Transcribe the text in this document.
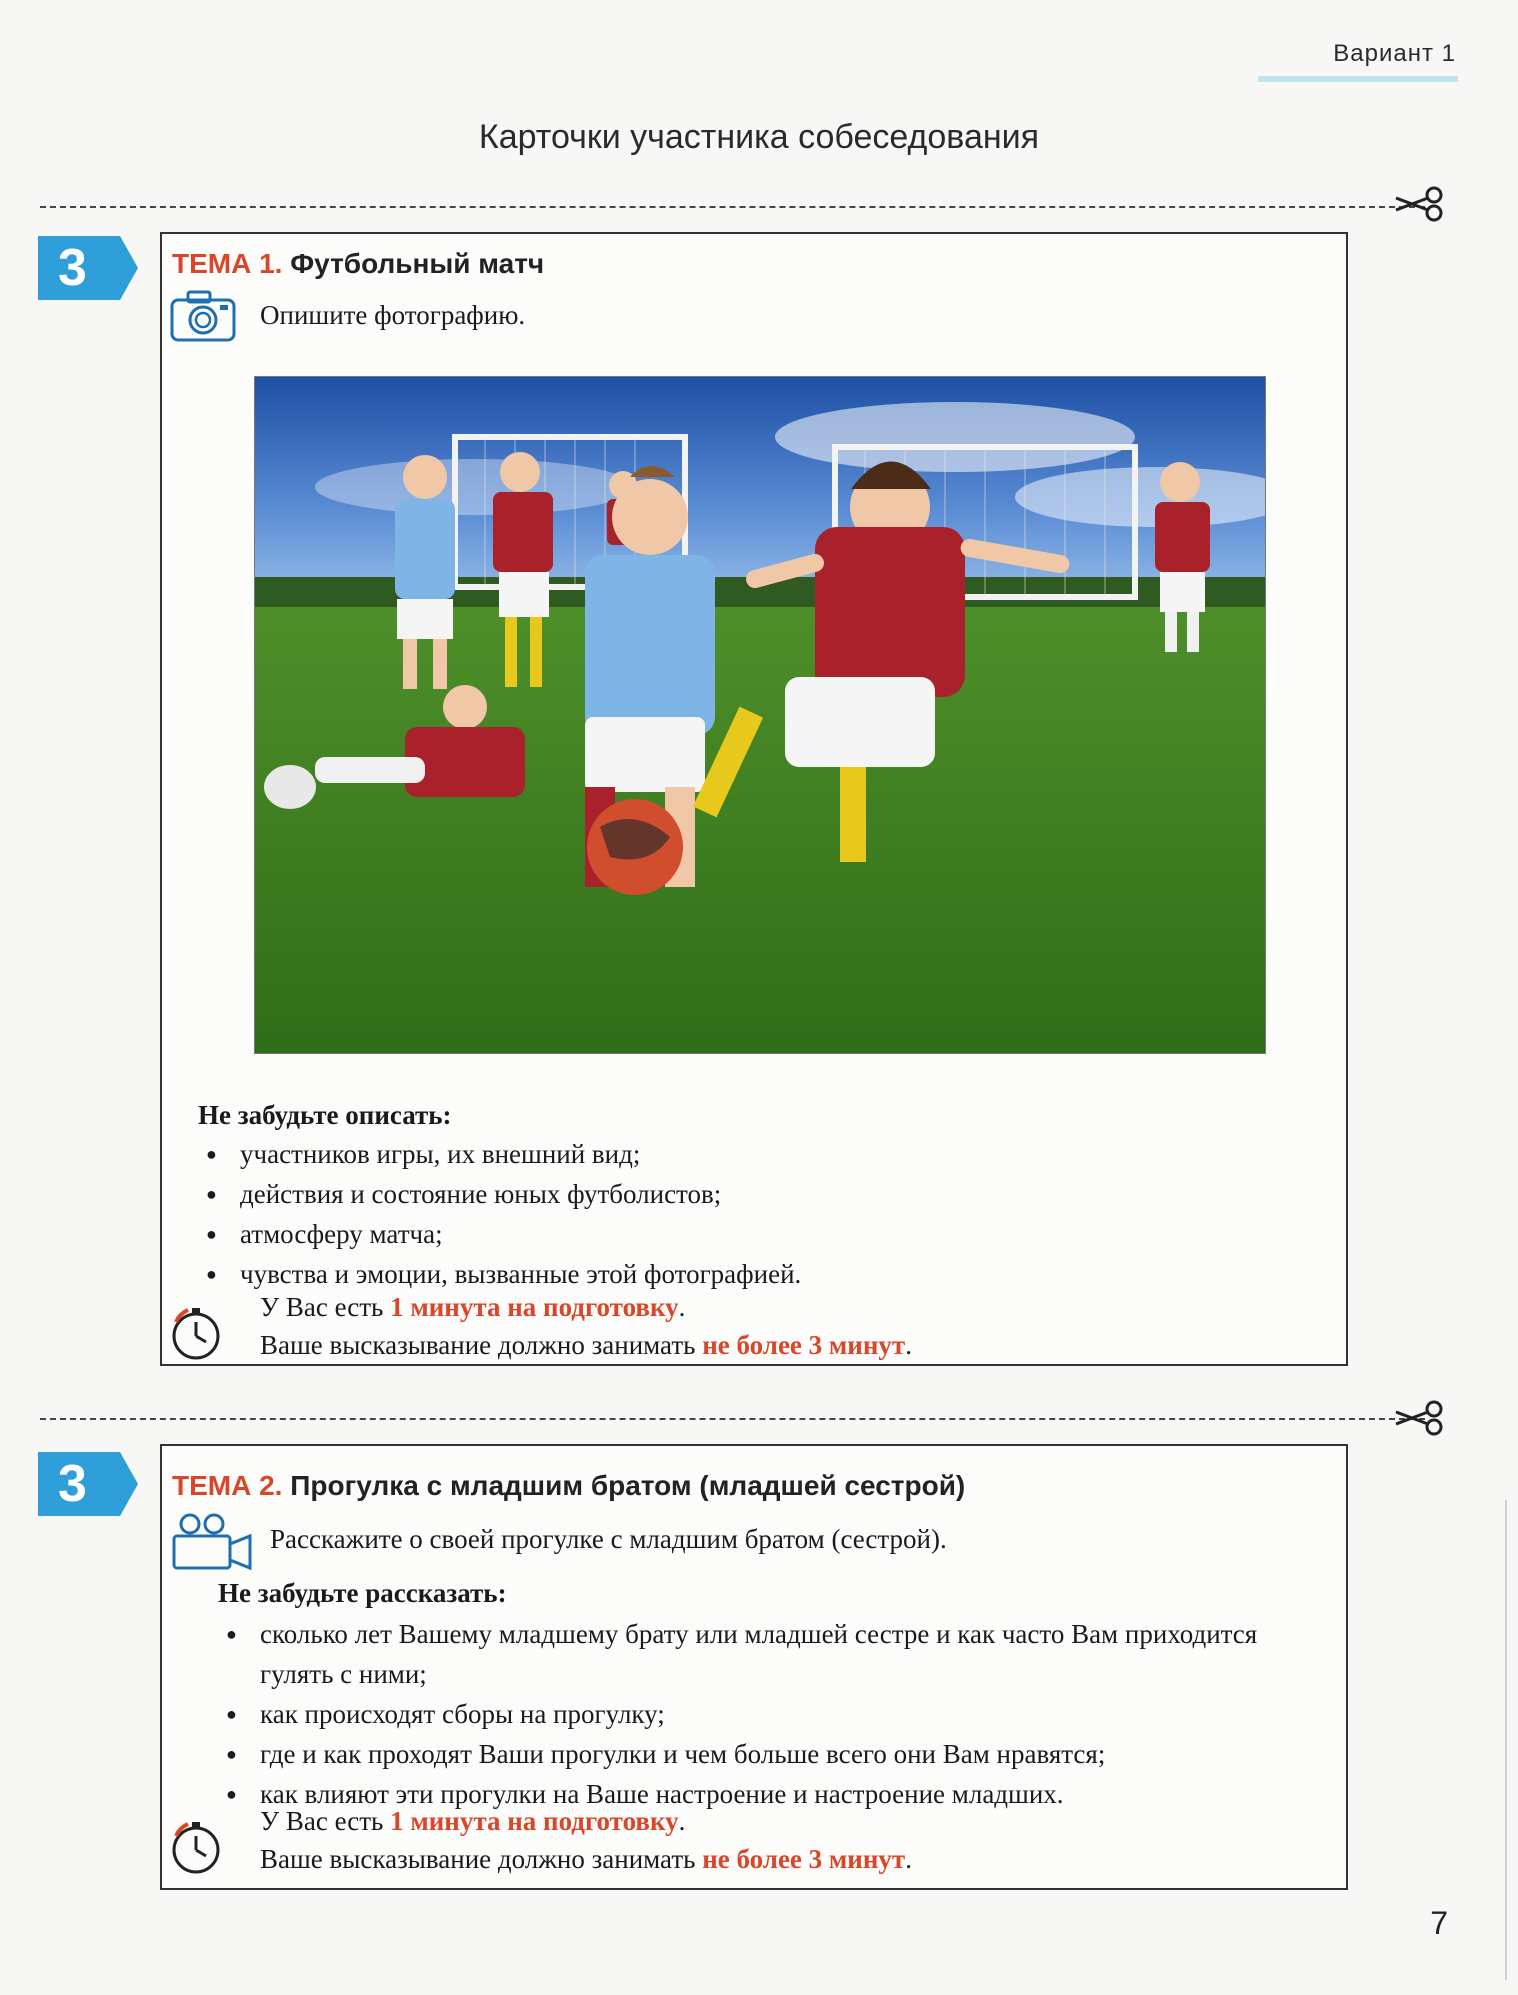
Вариант 1
Карточки участника собеседования
3	ТЕМА 1. Футбольный матч
Опишите фотографию.
Не забудьте описать:
● участников игры, их внешний вид;
● действия и состояние юных футболистов;
● атмосферу матча;
● чувства и эмоции, вызванные этой фотографией.
У Вас есть 1 минута на подготовку.
Ваше высказывание должно занимать не более 3 минут.
3	ТЕМА 2. Прогулка с младшим братом (младшей сестрой)
Расскажите о своей прогулке с младшим братом (сестрой).
Не забудьте рассказать:
● сколько лет Вашему младшему брату или младшей сестре и как часто Вам приходится гулять с ними;
● как происходят сборы на прогулку;
● где и как проходят Ваши прогулки и чем больше всего они Вам нравятся;
● как влияют эти прогулки на Ваше настроение и настроение младших.
У Вас есть 1 минута на подготовку.
Ваше высказывание должно занимать не более 3 минут.
7
